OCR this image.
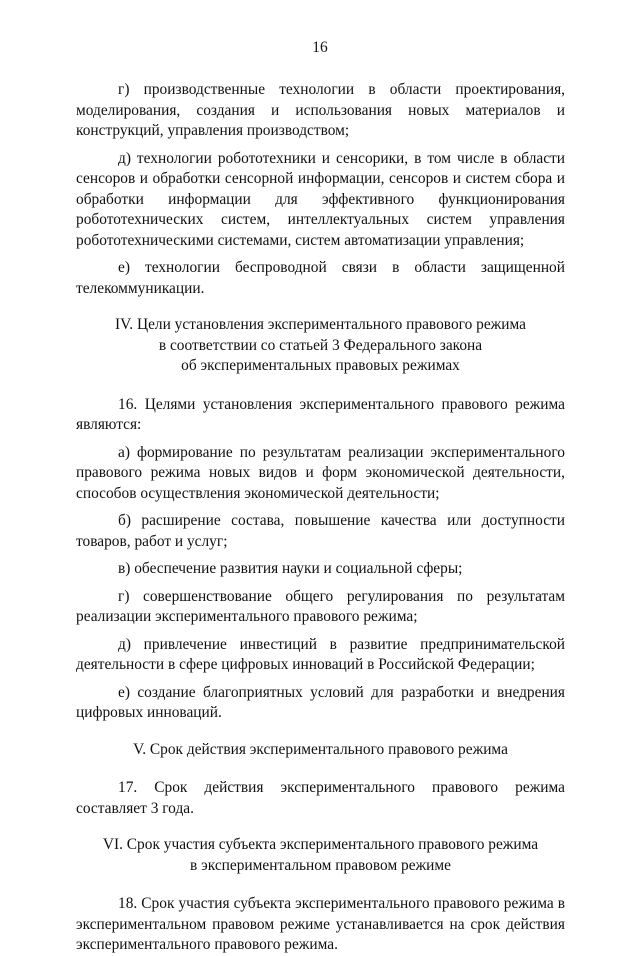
16

г) производственные технологии в области проектирования, моделирования, создания и использования новых материалов и конструкций, управления производством;

д) технологии робототехники и сенсорики, в том числе в области сенсоров и обработки сенсорной информации, сенсоров и систем сбора и обработки информации для эффективного функционирования робототехнических систем, интеллектуальных систем управления робототехническими системами, систем автоматизации управления;

е) технологии беспроводной связи в области защищенной телекоммуникации.

IV. Цели установления экспериментального правового режима
в соответствии со статьей 3 Федерального закона
об экспериментальных правовых режимах

16. Целями установления экспериментального правового режима являются:

а) формирование по результатам реализации экспериментального правового режима новых видов и форм экономической деятельности, способов осуществления экономической деятельности;

б) расширение состава, повышение качества или доступности товаров, работ и услуг;

в) обеспечение развития науки и социальной сферы;

г) совершенствование общего регулирования по результатам реализации экспериментального правового режима;

д) привлечение инвестиций в развитие предпринимательской деятельности в сфере цифровых инноваций в Российской Федерации;

е) создание благоприятных условий для разработки и внедрения цифровых инноваций.

V. Срок действия экспериментального правового режима

17. Срок действия экспериментального правового режима составляет 3 года.

VI. Срок участия субъекта экспериментального правового режима
в экспериментальном правовом режиме

18. Срок участия субъекта экспериментального правового режима в экспериментальном правовом режиме устанавливается на срок действия экспериментального правового режима.
